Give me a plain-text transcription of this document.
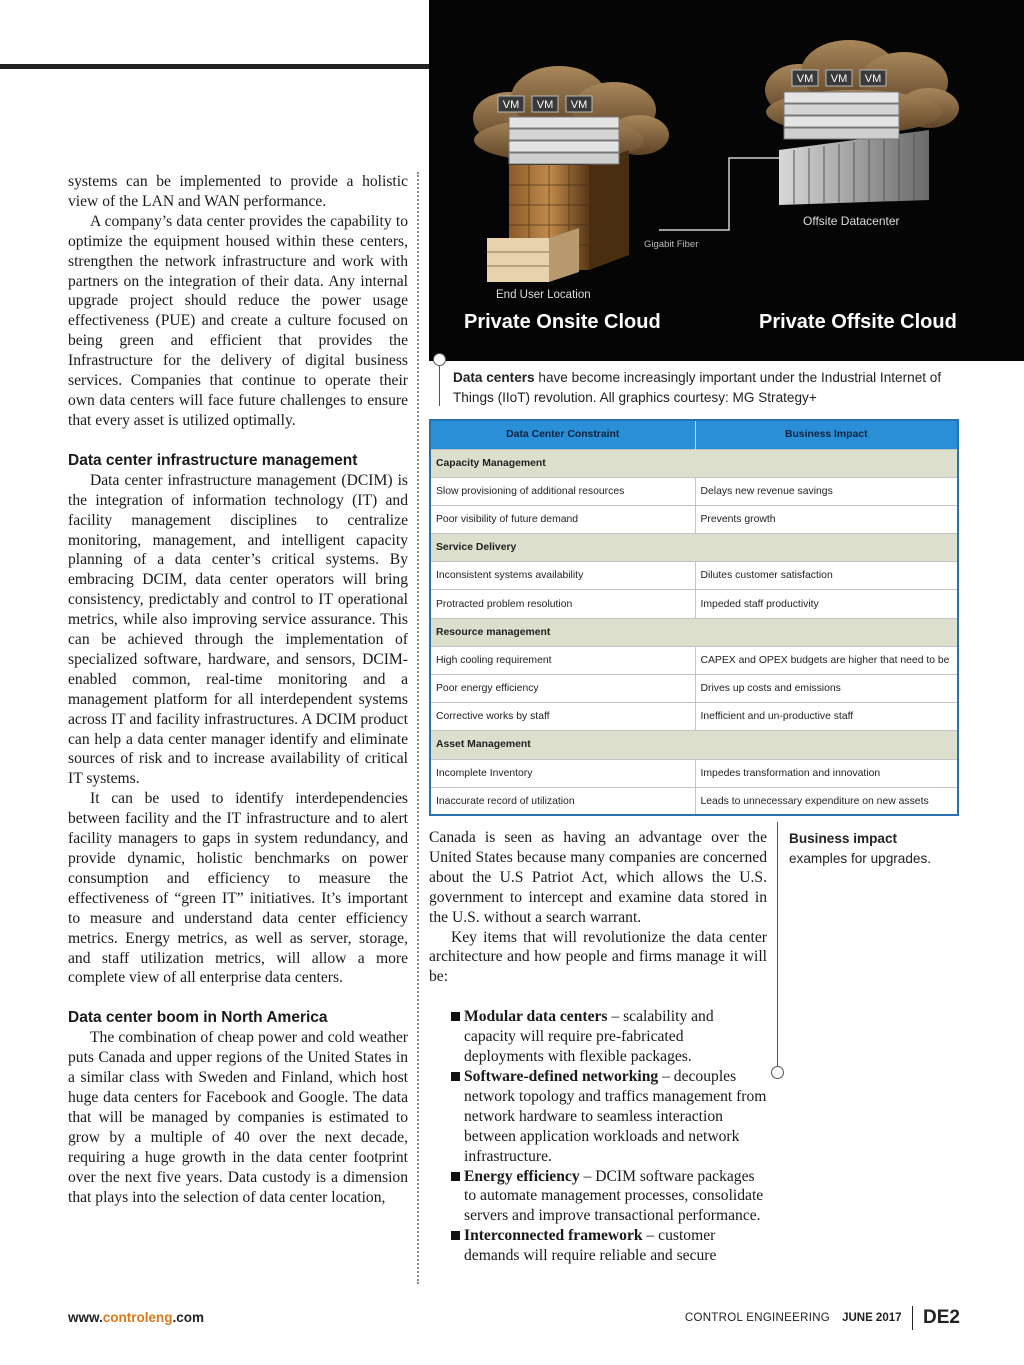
systems can be implemented to provide a holistic view of the LAN and WAN performance.

A company’s data center provides the capability to optimize the equipment housed within these centers, strengthen the network infrastructure and work with partners on the integration of their data. Any internal upgrade project should reduce the power usage effectiveness (PUE) and create a culture focused on being green and efficient that provides the Infrastructure for the delivery of digital business services. Companies that continue to operate their own data centers will face future challenges to ensure that every asset is utilized optimally.

Data center infrastructure management

Data center infrastructure management (DCIM) is the integration of information technology (IT) and facility management disciplines to centralize monitoring, management, and intelligent capacity planning of a data center’s critical systems. By embracing DCIM, data center operators will bring consistency, predictably and control to IT operational metrics, while also improving service assurance. This can be achieved through the implementation of specialized software, hardware, and sensors, DCIM-enabled common, real-time monitoring and a management platform for all interdependent systems across IT and facility infrastructures. A DCIM product can help a data center manager identify and eliminate sources of risk and to increase availability of critical IT systems.

It can be used to identify interdependencies between facility and the IT infrastructure and to alert facility managers to gaps in system redundancy, and provide dynamic, holistic benchmarks on power consumption and efficiency to measure the effectiveness of “green IT” initiatives. It’s important to measure and understand data center efficiency metrics. Energy metrics, as well as server, storage, and staff utilization metrics, will allow a more complete view of all enterprise data centers.

Data center boom in North America

The combination of cheap power and cold weather puts Canada and upper regions of the United States in a similar class with Sweden and Finland, which host huge data centers for Facebook and Google. The data that will be managed by companies is estimated to grow by a multiple of 40 over the next decade, requiring a huge growth in the data center footprint over the next five years. Data custody is a dimension that plays into the selection of data center location,

VM VM VM
Gigabit Fiber
VM VM VM
Offsite Datacenter
End User Location
Private Onsite Cloud	Private Offsite Cloud
Data centers have become increasingly important under the Industrial Internet of Things (IIoT) revolution. All graphics courtesy: MG Strategy+
Data Center Constraint	Business Impact
Capacity Management	
Slow provisioning of additional resources	Delays new revenue savings
Poor visibility of future demand	Prevents growth
Service Delivery	
Inconsistent systems availability	Dilutes customer satisfaction
Protracted problem resolution	Impeded staff productivity
Resource management	
High cooling requirement	CAPEX and OPEX budgets are higher that need to be
Poor energy efficiency	Drives up costs and emissions
Corrective works by staff	Inefficient and un-productive staff
Asset Management	
Incomplete Inventory	Impedes transformation and innovation
Inaccurate record of utilization	Leads to unnecessary expenditure on new assets
Business impact
examples for upgrades.

Canada is seen as having an advantage over the United States because many companies are concerned about the U.S Patriot Act, which allows the U.S. government to intercept and examine data stored in the U.S. without a search warrant.

Key items that will revolutionize the data center architecture and how people and firms manage it will be:

Modular data centers – scalability and capacity will require pre-fabricated deployments with flexible packages.
Software-defined networking – decouples network topology and traffics management from network hardware to seamless interaction between application workloads and network infrastructure.
Energy efficiency – DCIM software packages to automate management processes, consolidate servers and improve transactional performance.
Interconnected framework – customer demands will require reliable and secure
www.controleng.com	CONTROL ENGINEERING JUNE 2017 DE2
